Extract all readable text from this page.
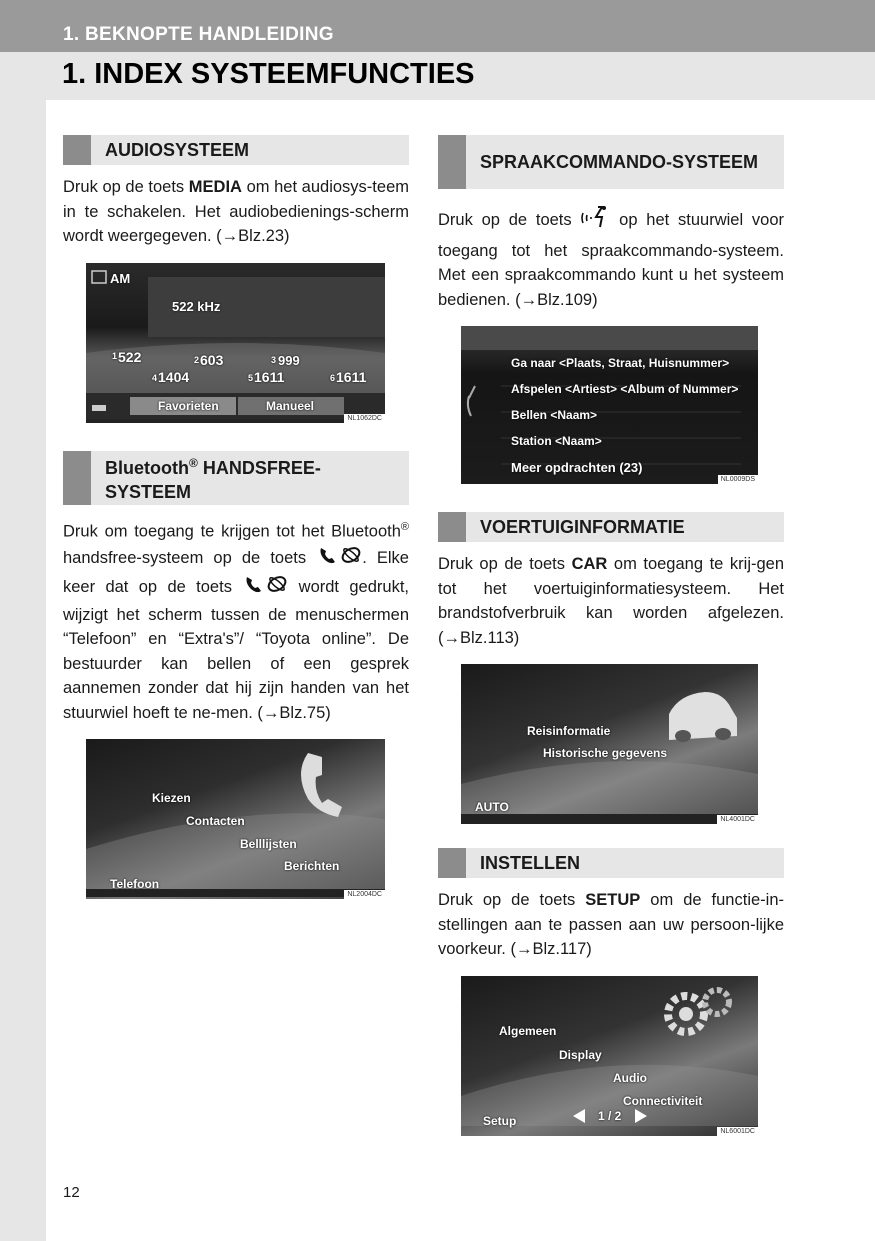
1. BEKNOPTE HANDLEIDING
1. INDEX SYSTEEMFUNCTIES
AUDIOSYSTEEM

Druk op de toets MEDIA om het audiosys-teem in te schakelen. Het audiobedienings-scherm wordt weergegeven. (→Blz.23)

AM
522 kHz
1 522	2 603	3 999
4 1404	5 1611	6 1611
Favorieten	Manueel
NL1062DC
Bluetooth® HANDSFREE-SYSTEEM

Druk om toegang te krijgen tot het Bluetooth® handsfree-systeem op de toets	. Elke keer dat op de toets	wordt gedrukt, wijzigt het scherm tussen de menuschermen “Telefoon” en “Extra's”/ “Toyota online”. De bestuurder kan bellen of een gesprek aannemen zonder dat hij zijn handen van het stuurwiel hoeft te ne-men. (→Blz.75)

Kiezen
Contacten
Belllijsten
Berichten
Telefoon
NL2004DC
SPRAAKCOMMANDO-SYSTEEM

Druk op de toets  op het stuurwiel voor toegang tot het spraakcommando-systeem. Met een spraakcommando kunt u het systeem bedienen. (→Blz.109)

Ga naar <Plaats, Straat, Huisnummer>
Afspelen <Artiest> <Album of Nummer>
Bellen <Naam>
Station <Naam>
Meer opdrachten (23)
NL0009DS
VOERTUIGINFORMATIE

Druk op de toets CAR om toegang te krij-gen tot het voertuiginformatiesysteem. Het brandstofverbruik kan worden afgelezen. (→Blz.113)

Reisinformatie
Historische gegevens
AUTO
NL4001DC
INSTELLEN

Druk op de toets SETUP om de functie-in-stellingen aan te passen aan uw persoon-lijke voorkeur. (→Blz.117)

Algemeen
Display
Audio
Connectiviteit
Setup	1 / 2
NL6001DC
12
